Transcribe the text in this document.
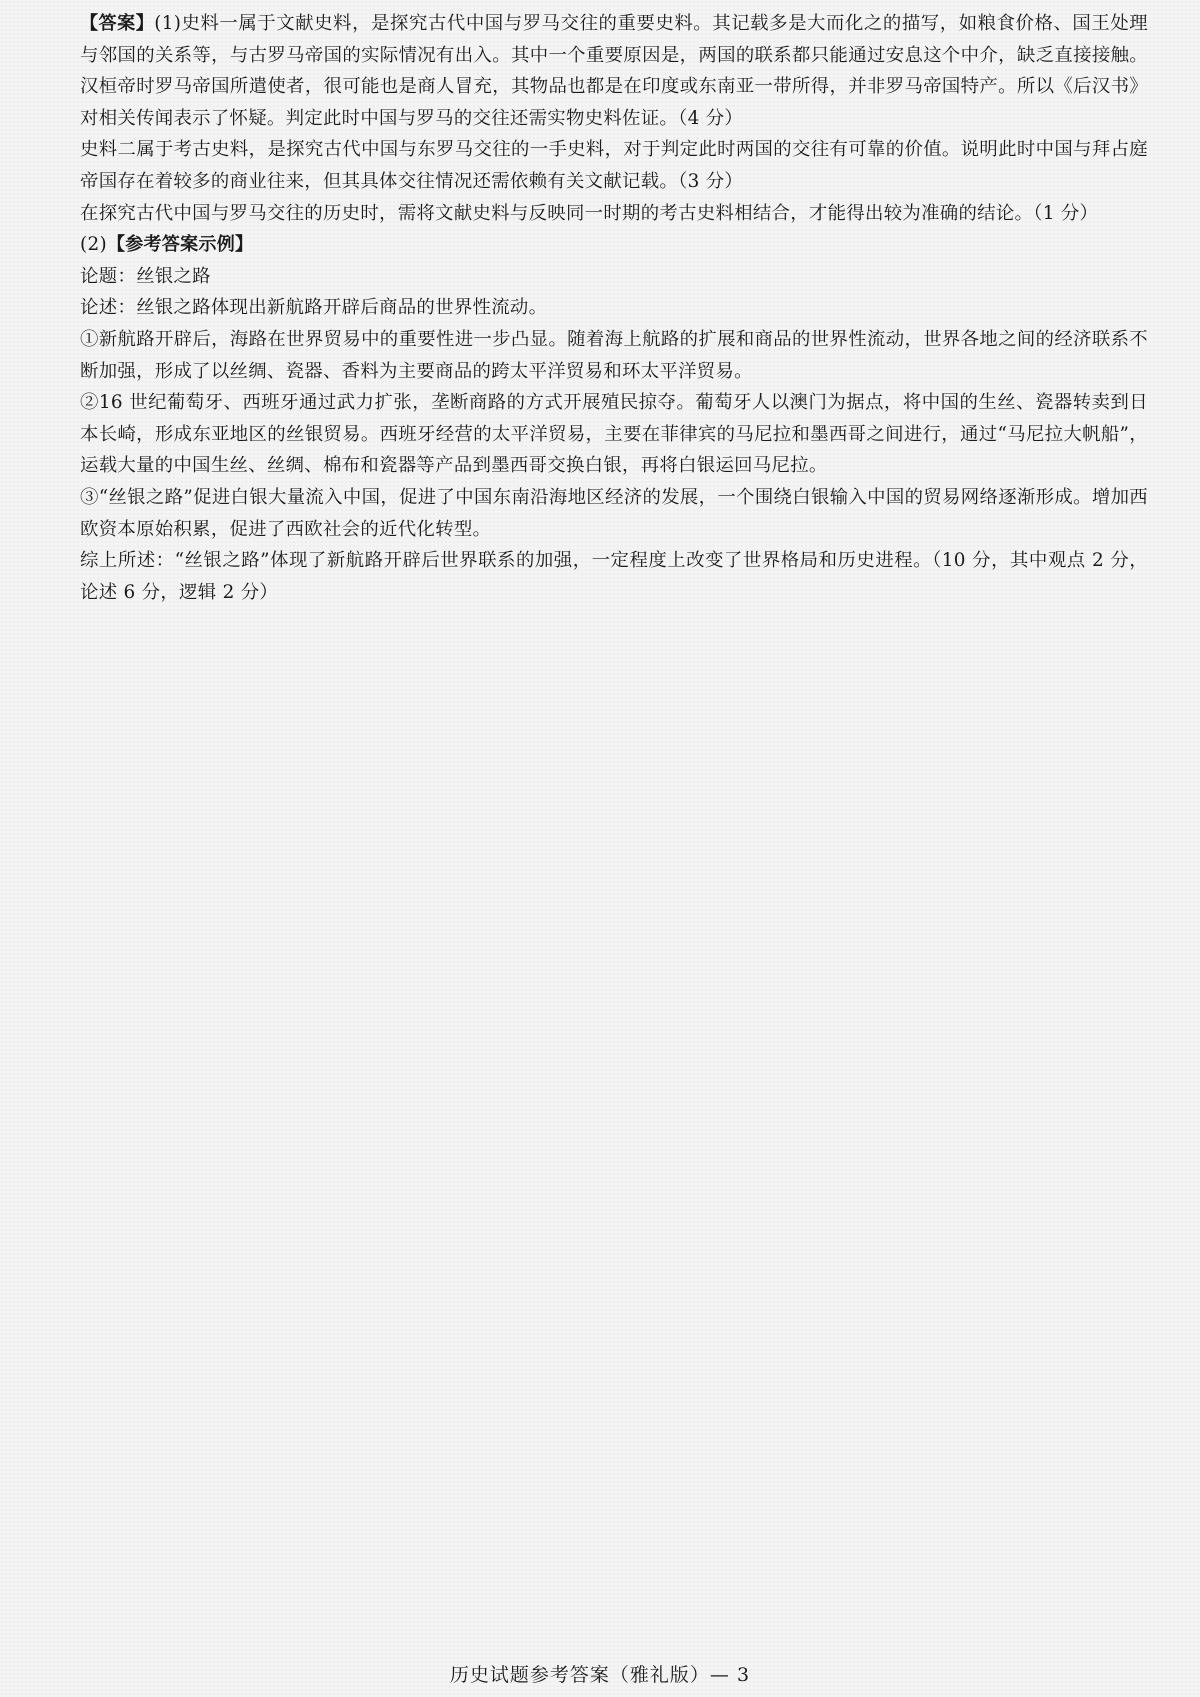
【答案】(1)史料一属于文献史料，是探究古代中国与罗马交往的重要史料。其记载多是大而化之的描写，如粮食价格、国王处理与邻国的关系等，与古罗马帝国的实际情况有出入。其中一个重要原因是，两国的联系都只能通过安息这个中介，缺乏直接接触。汉桓帝时罗马帝国所遣使者，很可能也是商人冒充，其物品也都是在印度或东南亚一带所得，并非罗马帝国特产。所以《后汉书》对相关传闻表示了怀疑。判定此时中国与罗马的交往还需实物史料佐证。（4 分）

史料二属于考古史料，是探究古代中国与东罗马交往的一手史料，对于判定此时两国的交往有可靠的价值。说明此时中国与拜占庭帝国存在着较多的商业往来，但其具体交往情况还需依赖有关文献记载。（3 分）

在探究古代中国与罗马交往的历史时，需将文献史料与反映同一时期的考古史料相结合，才能得出较为准确的结论。（1 分）

(2)【参考答案示例】

论题：丝银之路

论述：丝银之路体现出新航路开辟后商品的世界性流动。

①新航路开辟后，海路在世界贸易中的重要性进一步凸显。随着海上航路的扩展和商品的世界性流动，世界各地之间的经济联系不断加强，形成了以丝绸、瓷器、香料为主要商品的跨太平洋贸易和环太平洋贸易。

②16 世纪葡萄牙、西班牙通过武力扩张，垄断商路的方式开展殖民掠夺。葡萄牙人以澳门为据点，将中国的生丝、瓷器转卖到日本长崎，形成东亚地区的丝银贸易。西班牙经营的太平洋贸易，主要在菲律宾的马尼拉和墨西哥之间进行，通过“马尼拉大帆船”，运载大量的中国生丝、丝绸、棉布和瓷器等产品到墨西哥交换白银，再将白银运回马尼拉。

③“丝银之路”促进白银大量流入中国，促进了中国东南沿海地区经济的发展，一个围绕白银输入中国的贸易网络逐渐形成。增加西欧资本原始积累，促进了西欧社会的近代化转型。

综上所述：“丝银之路”体现了新航路开辟后世界联系的加强，一定程度上改变了世界格局和历史进程。（10 分，其中观点 2 分，论述 6 分，逻辑 2 分）

历史试题参考答案（雅礼版）— 3
